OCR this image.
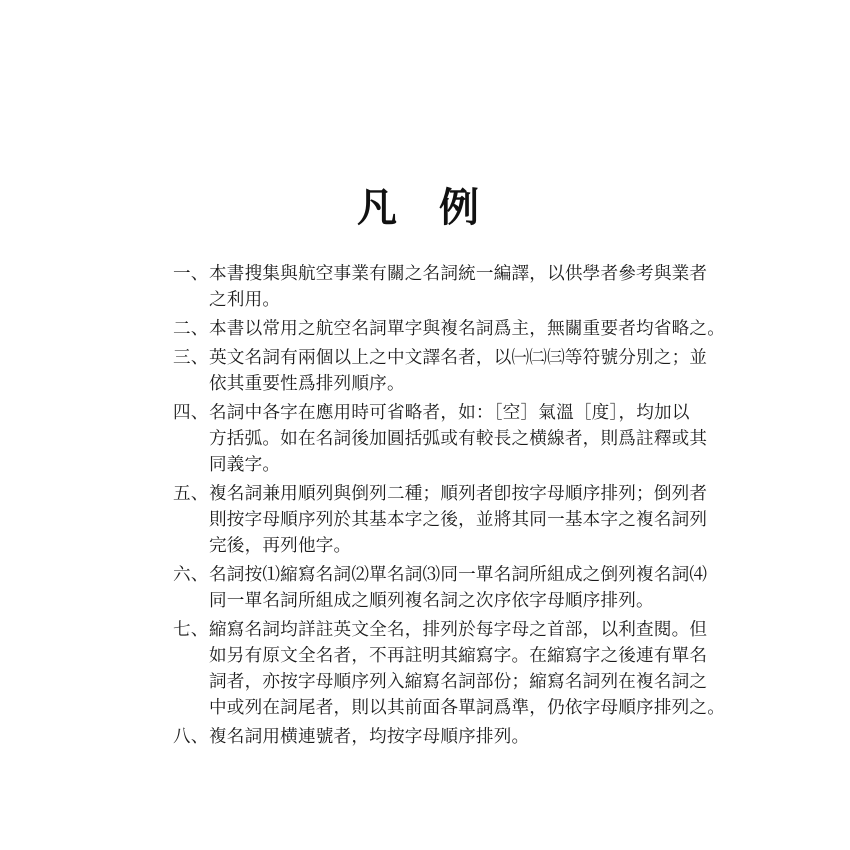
凡 例
一、 本書搜集與航空事業有關之名詞統一編譯，以供學者參考與業者
之利用。
二、 本書以常用之航空名詞單字與複名詞爲主，無關重要者均省略之。
三、 英文名詞有兩個以上之中文譯名者，以㈠㈡㈢等符號分別之；並
依其重要性爲排列順序。
四、 名詞中各字在應用時可省略者，如：［空］氣溫［度］，均加以
方括弧。如在名詞後加圓括弧或有較長之横線者，則爲註釋或其
同義字。
五、 複名詞兼用順列與倒列二種；順列者卽按字母順序排列；倒列者
則按字母順序列於其基本字之後，並將其同一基本字之複名詞列
完後，再列他字。
六、 名詞按⑴縮寫名詞⑵單名詞⑶同一單名詞所組成之倒列複名詞⑷
同一單名詞所組成之順列複名詞之次序依字母順序排列。
七、 縮寫名詞均詳註英文全名，排列於每字母之首部，以利查閱。但
如另有原文全名者，不再註明其縮寫字。在縮寫字之後連有單名
詞者，亦按字母順序列入縮寫名詞部份；縮寫名詞列在複名詞之
中或列在詞尾者，則以其前面各單詞爲準，仍依字母順序排列之。
八、 複名詞用横連號者，均按字母順序排列。
